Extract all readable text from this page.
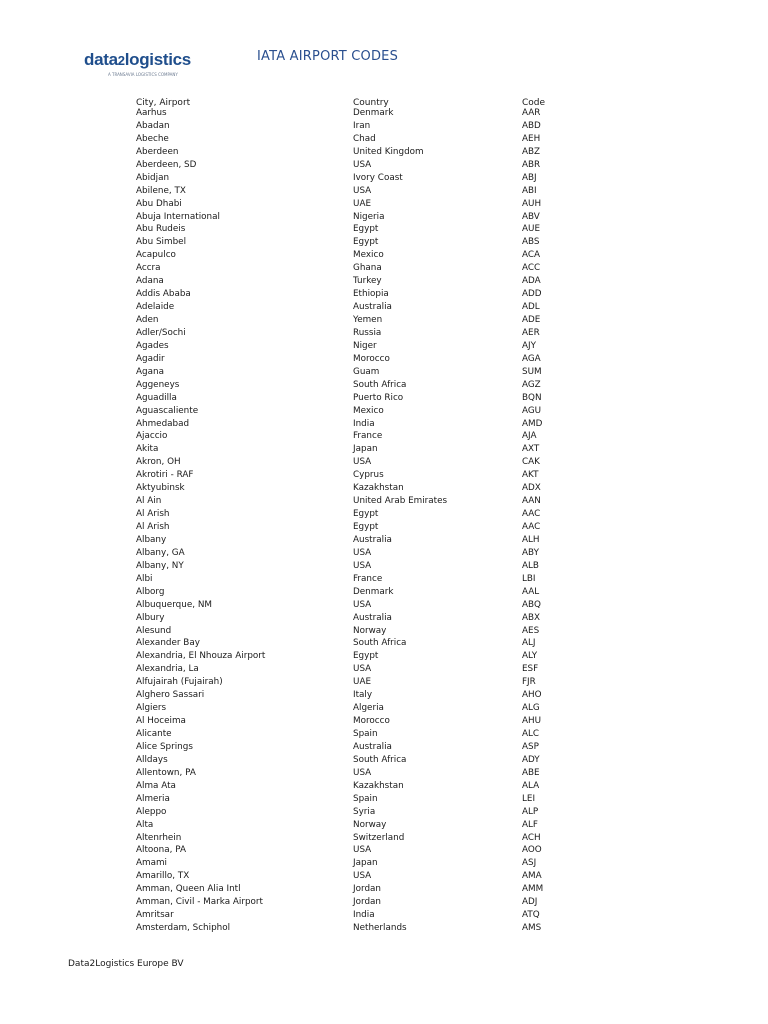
data2logistics
A TRANSAVIA LOGISTICS COMPANY
IATA AIRPORT CODES
City, Airport	Country	Code
Aarhus	Denmark	AAR
Abadan	Iran	ABD
Abeche	Chad	AEH
Aberdeen	United Kingdom	ABZ
Aberdeen, SD	USA	ABR
Abidjan	Ivory Coast	ABJ
Abilene, TX	USA	ABI
Abu Dhabi	UAE	AUH
Abuja International	Nigeria	ABV
Abu Rudeis	Egypt	AUE
Abu Simbel	Egypt	ABS
Acapulco	Mexico	ACA
Accra	Ghana	ACC
Adana	Turkey	ADA
Addis Ababa	Ethiopia	ADD
Adelaide	Australia	ADL
Aden	Yemen	ADE
Adler/Sochi	Russia	AER
Agades	Niger	AJY
Agadir	Morocco	AGA
Agana	Guam	SUM
Aggeneys	South Africa	AGZ
Aguadilla	Puerto Rico	BQN
Aguascaliente	Mexico	AGU
Ahmedabad	India	AMD
Ajaccio	France	AJA
Akita	Japan	AXT
Akron, OH	USA	CAK
Akrotiri - RAF	Cyprus	AKT
Aktyubinsk	Kazakhstan	ADX
Al Ain	United Arab Emirates	AAN
Al Arish	Egypt	AAC
Al Arish	Egypt	AAC
Albany	Australia	ALH
Albany, GA	USA	ABY
Albany, NY	USA	ALB
Albi	France	LBI
Alborg	Denmark	AAL
Albuquerque, NM	USA	ABQ
Albury	Australia	ABX
Alesund	Norway	AES
Alexander Bay	South Africa	ALJ
Alexandria, El Nhouza Airport	Egypt	ALY
Alexandria, La	USA	ESF
Alfujairah (Fujairah)	UAE	FJR
Alghero Sassari	Italy	AHO
Algiers	Algeria	ALG
Al Hoceima	Morocco	AHU
Alicante	Spain	ALC
Alice Springs	Australia	ASP
Alldays	South Africa	ADY
Allentown, PA	USA	ABE
Alma Ata	Kazakhstan	ALA
Almeria	Spain	LEI
Aleppo	Syria	ALP
Alta	Norway	ALF
Altenrhein	Switzerland	ACH
Altoona, PA	USA	AOO
Amami	Japan	ASJ
Amarillo, TX	USA	AMA
Amman, Queen Alia Intl	Jordan	AMM
Amman, Civil - Marka Airport	Jordan	ADJ
Amritsar	India	ATQ
Amsterdam, Schiphol	Netherlands	AMS
Data2Logistics Europe BV
